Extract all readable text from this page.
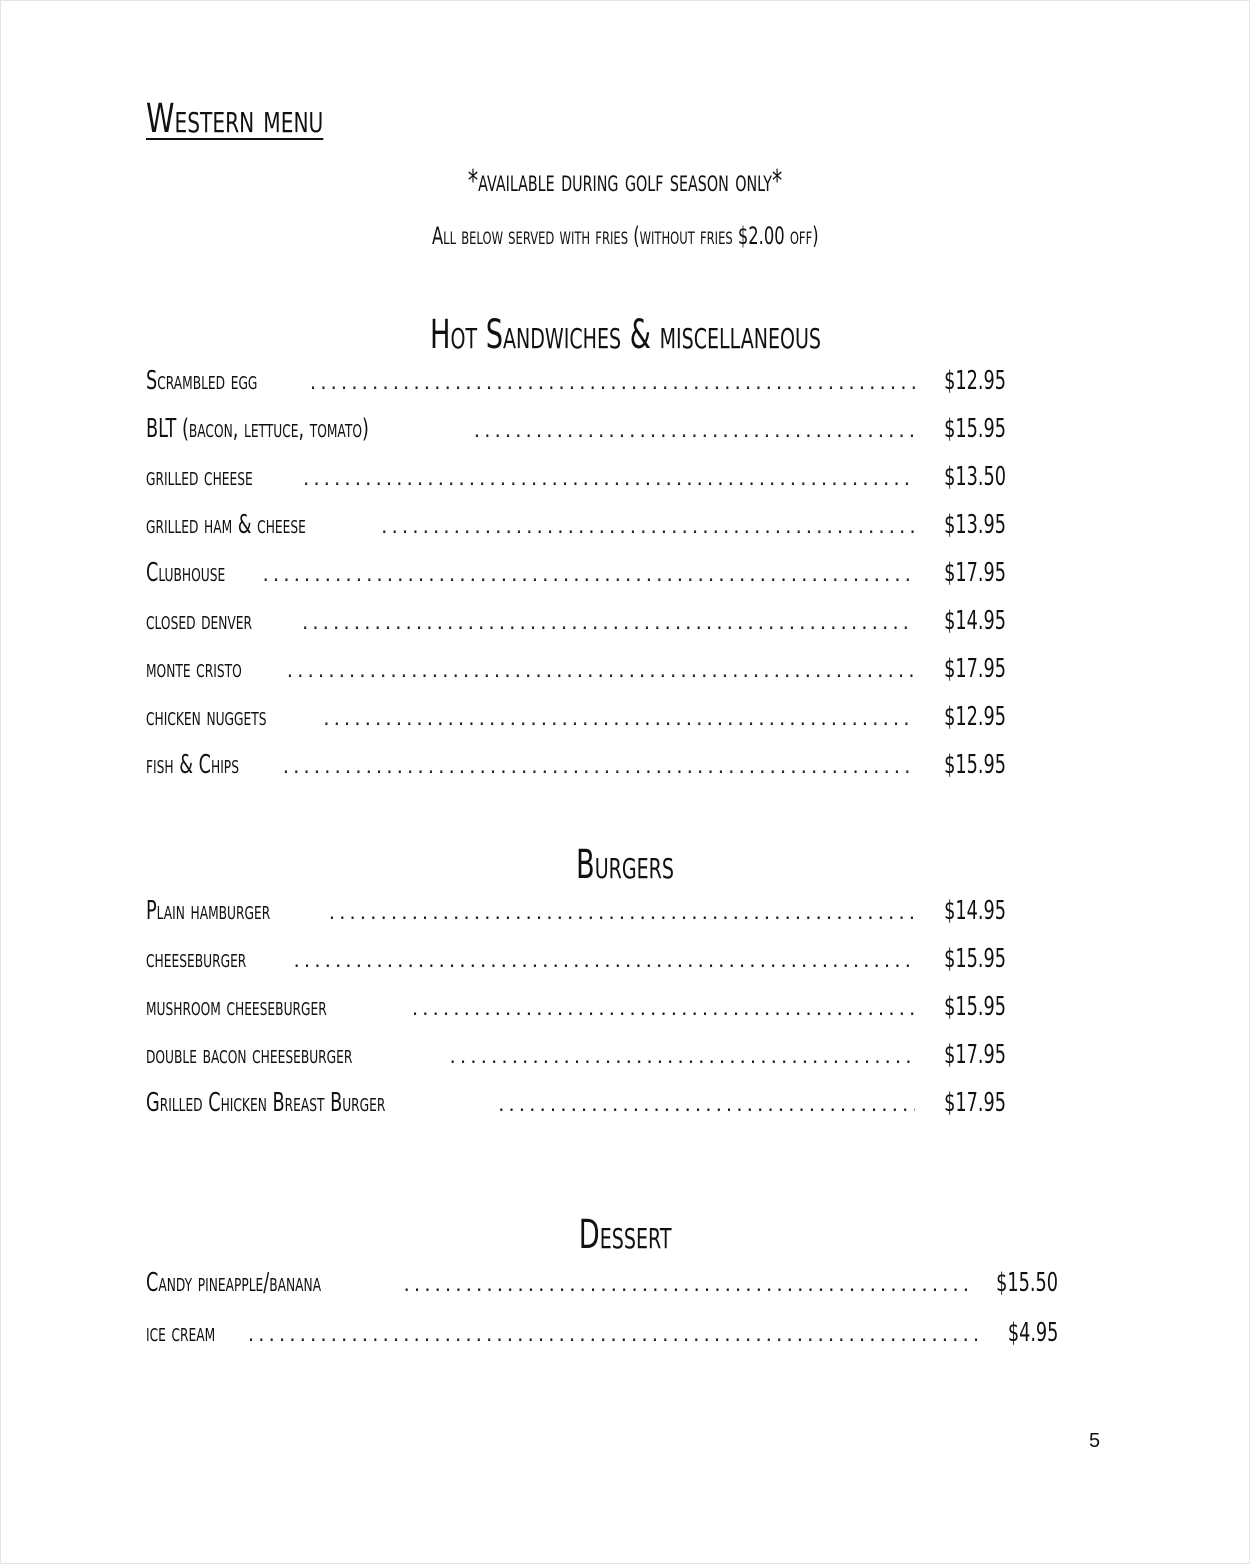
Western menu
*available during golf season only*
All below served with fries (without fries $2.00 off)
Hot Sandwiches & miscellaneous
Scrambled egg .....	$12.95
BLT (bacon, lettuce, tomato) .....	$15.95
grilled cheese .....	$13.50
grilled ham & cheese .....	$13.95
Clubhouse .....	$17.95
closed denver .....	$14.95
monte cristo .....	$17.95
chicken nuggets .....	$12.95
fish & Chips .....	$15.95
Burgers
Plain hamburger .....	$14.95
cheeseburger .....	$15.95
mushroom cheeseburger .....	$15.95
double bacon cheeseburger .....	$17.95
Grilled Chicken Breast Burger .....	$17.95
Dessert
Candy pineapple/banana .....	$15.50
ice cream .....	$4.95
5
